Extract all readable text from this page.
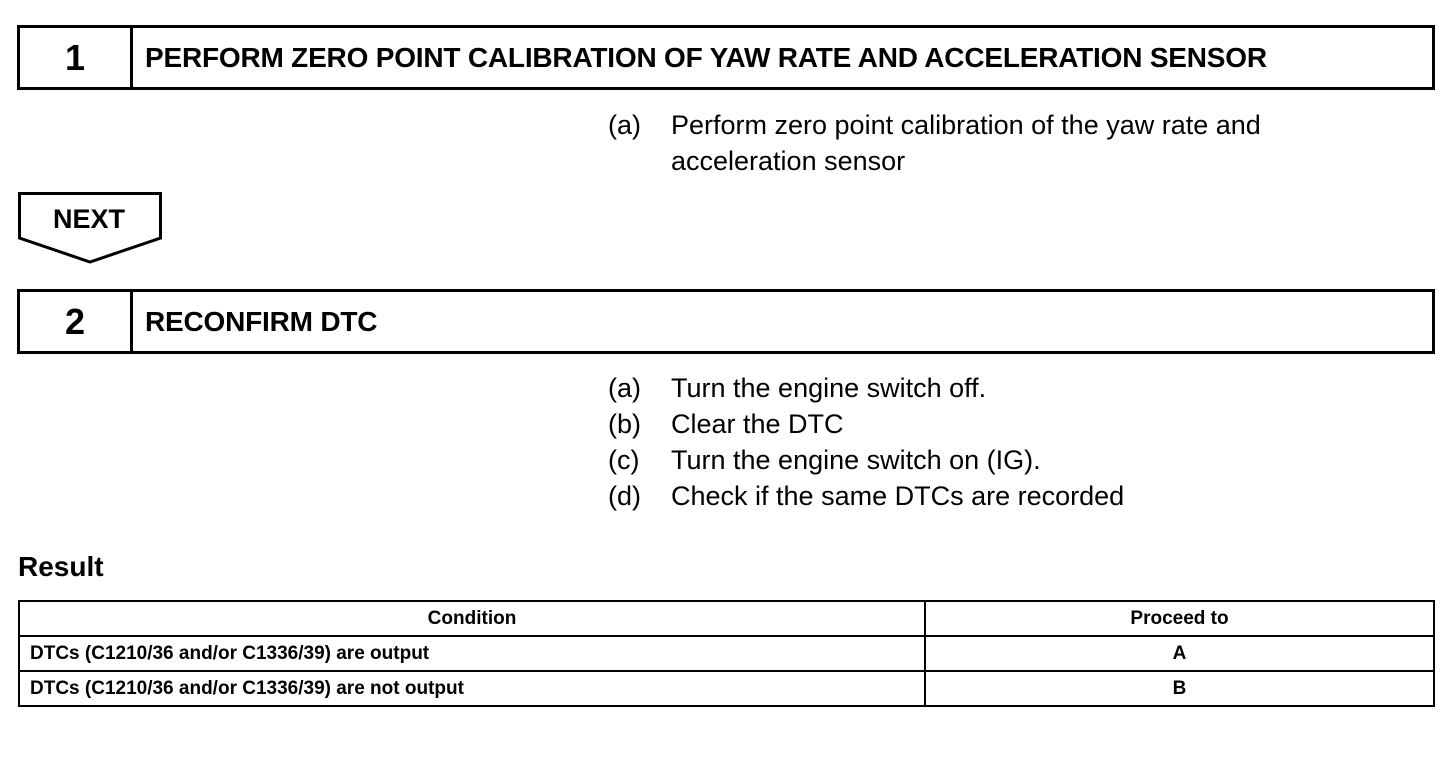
1	PERFORM ZERO POINT CALIBRATION OF YAW RATE AND ACCELERATION SENSOR
(a)	Perform zero point calibration of the yaw rate and acceleration sensor
NEXT
2	RECONFIRM DTC
(a)	Turn the engine switch off.
(b)	Clear the DTC
(c)	Turn the engine switch on (IG).
(d)	Check if the same DTCs are recorded
Result
Condition	Proceed to
DTCs (C1210/36 and/or C1336/39) are output	A
DTCs (C1210/36 and/or C1336/39) are not output	B
